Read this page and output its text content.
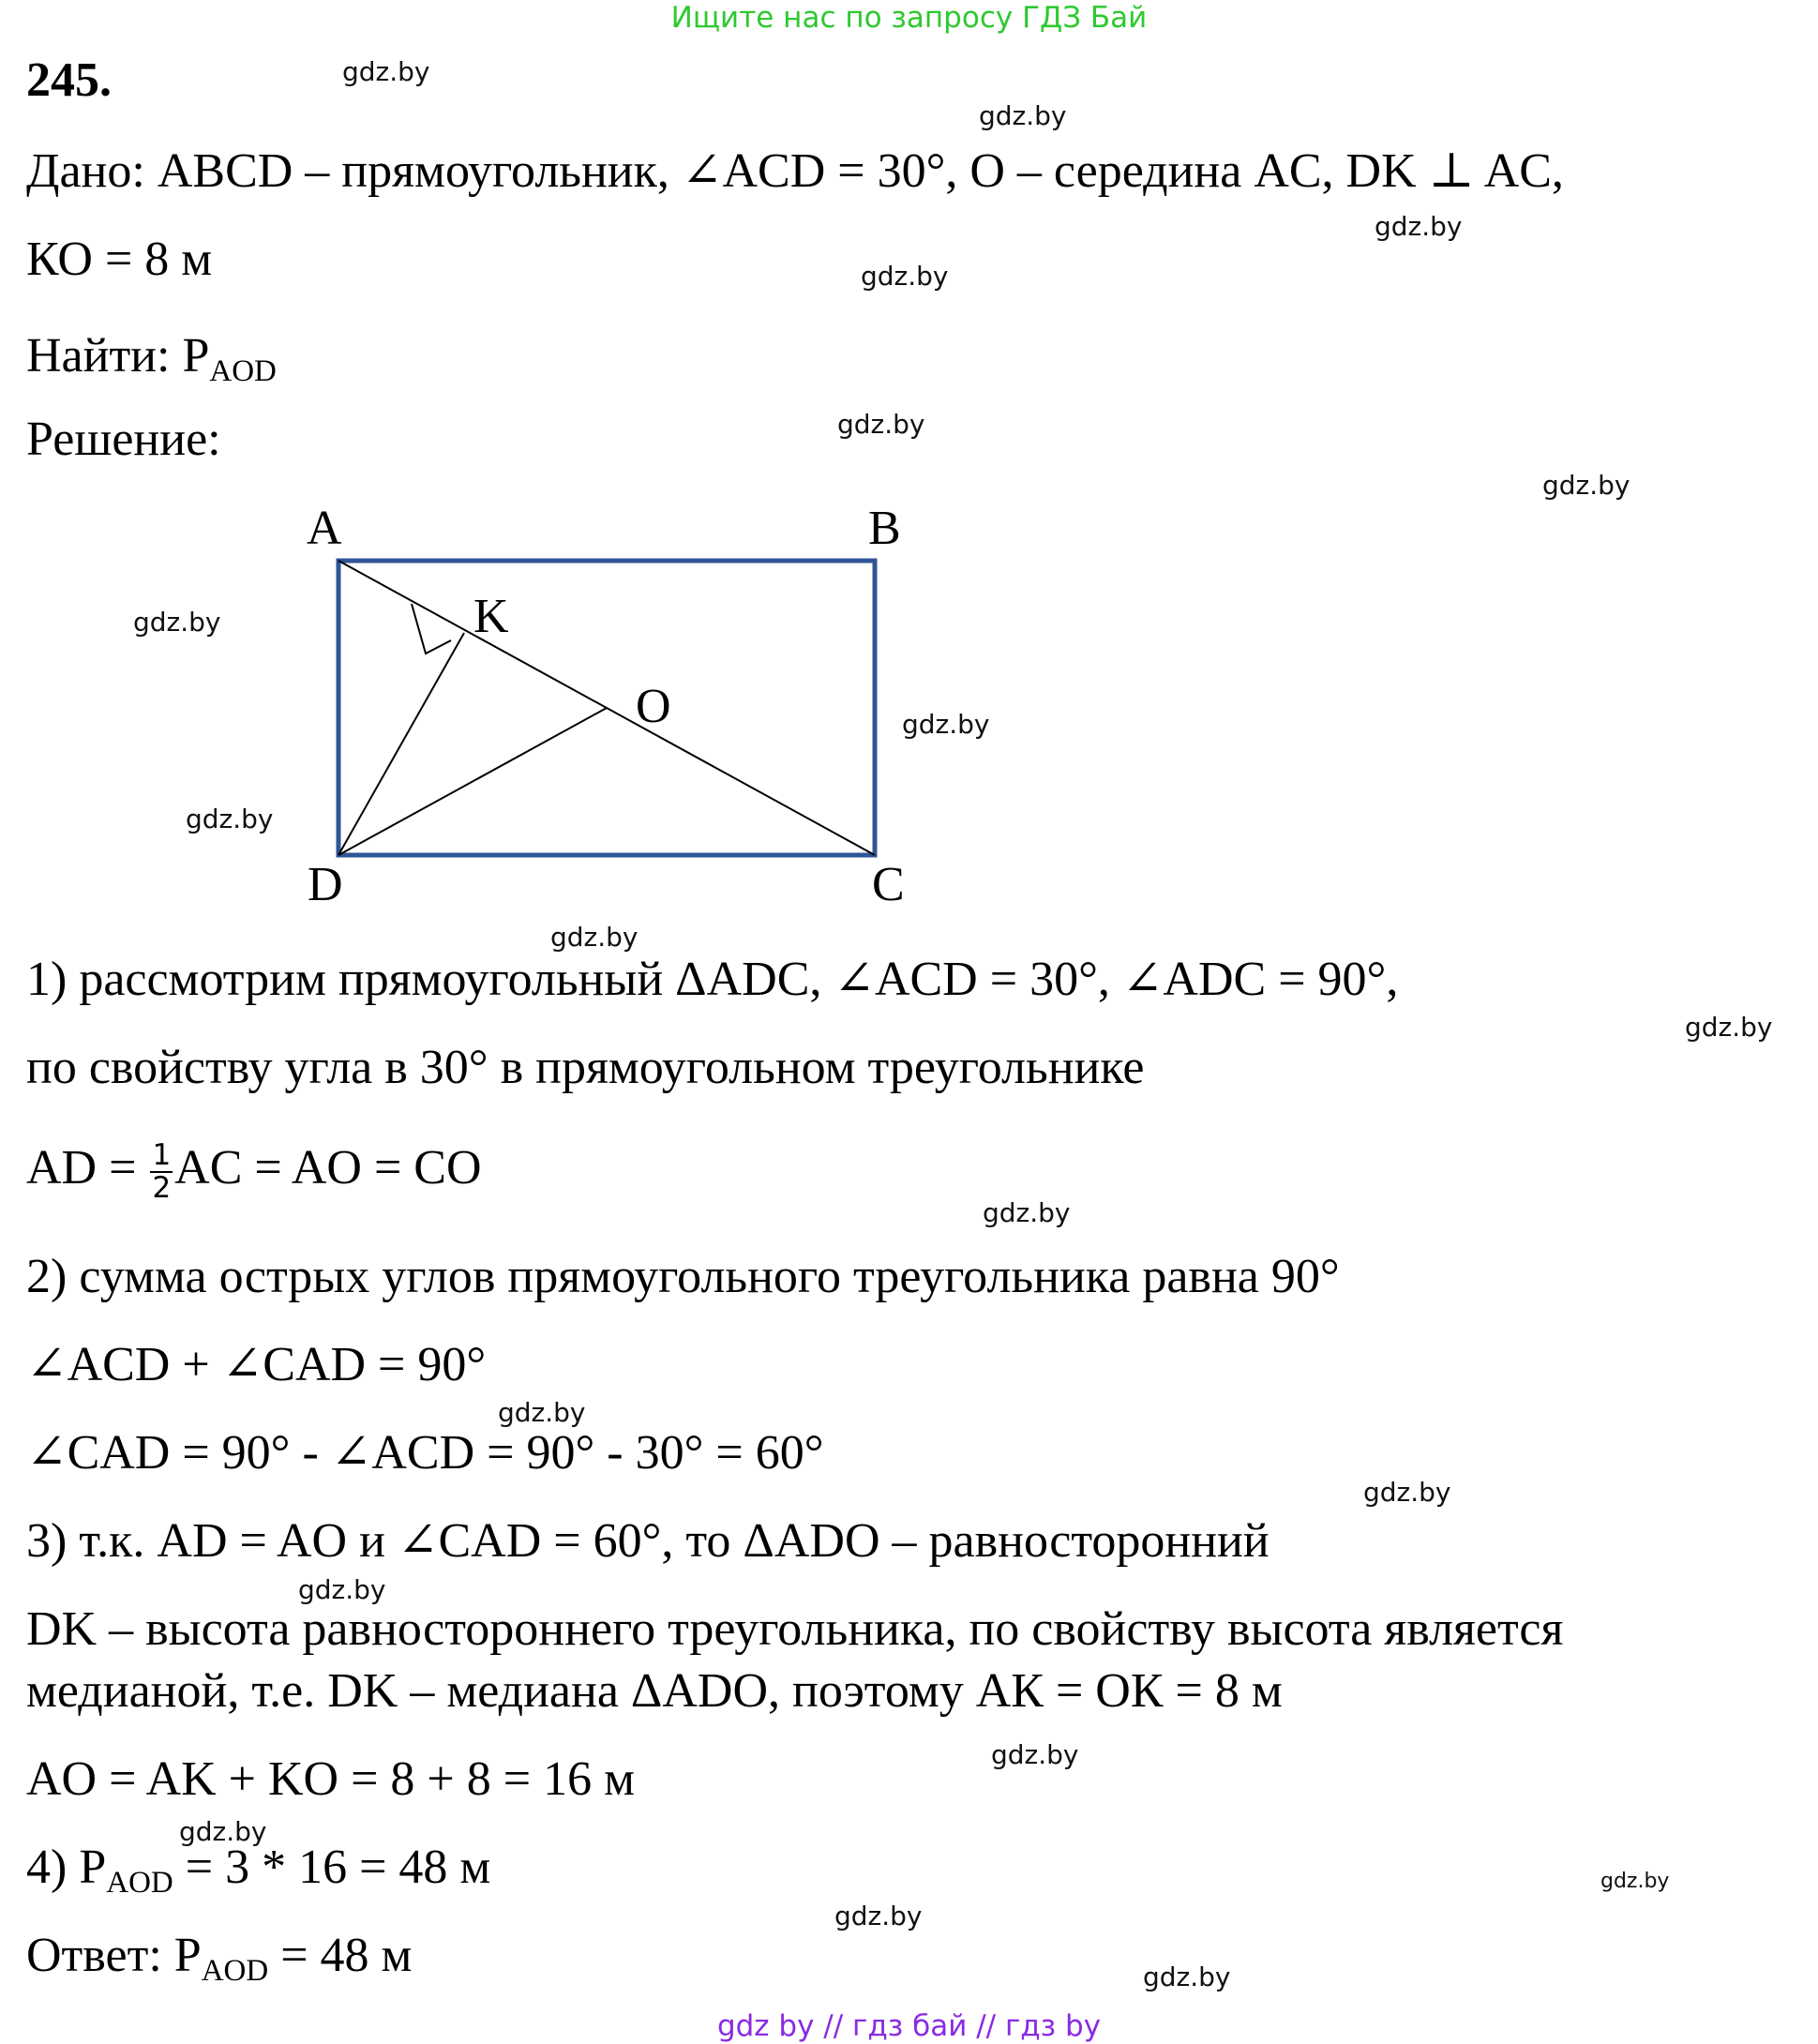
Ищите нас по запросу ГДЗ Бай
245.
Дано: ABCD – прямоугольник, ∠ACD = 30°, O – середина AC, DK ⊥ AC,
КО = 8 м
Найти: $P_{AOD}$
Решение:
A	B
K
O
D	C
1) рассмотрим прямоугольный ΔADC, ∠ACD = 30°, ∠ADC = 90°,
по свойству угла в 30° в прямоугольном треугольнике
AD = $\frac{1}{2}$ AC = AO = CO
2) сумма острых углов прямоугольного треугольника равна 90°
∠ACD + ∠CAD = 90°
∠CAD = 90° - ∠ACD = 90° - 30° = 60°
3) т.к. AD = AO и ∠CAD = 60°, то ΔADO – равносторонний
DK – высота равностороннего треугольника, по свойству высота является
медианой, т.е. DK – медиана ΔADO, поэтому АК = ОК = 8 м
AO = AK + KO = 8 + 8 = 16 м
4) $P_{AOD} = 3 * 16 = 48$ м
Ответ: $P_{AOD} = 48$ м
gdz.by
gdz.by
gdz.by
gdz.by
gdz.by
gdz.by
gdz.by
gdz.by
gdz.by
gdz.by
gdz.by
gdz.by
gdz.by
gdz.by
gdz.by
gdz.by
gdz.by
gdz.by
gdz.by
gdz.by
gdz by // гдз бай // гдз by
